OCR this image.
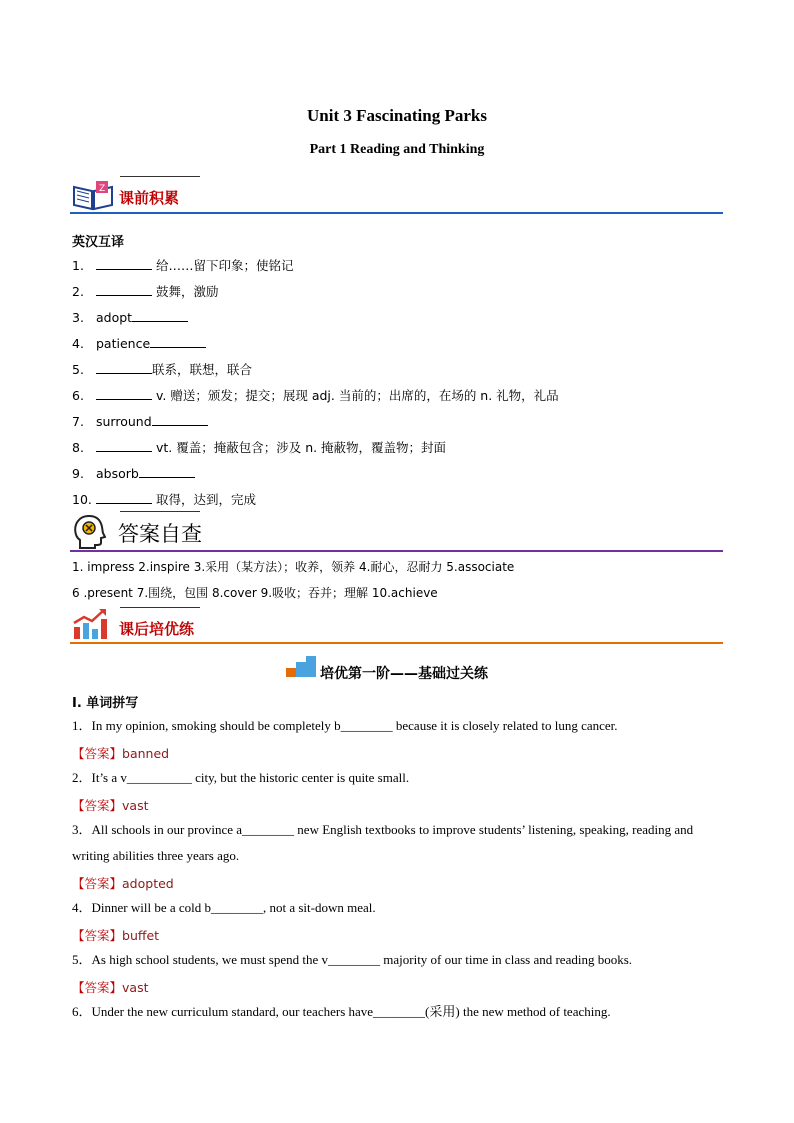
Unit 3 Fascinating Parks
Part 1 Reading and Thinking
Z 课前积累
英汉互译
1.	给……留下印象；使铭记
2.	鼓舞，激励
3. adopt
4. patience
5.	联系，联想，联合
6.	v. 赠送；颁发；提交；展现 adj. 当前的；出席的，在场的 n. 礼物，礼品
7. surround
8.	vt. 覆盖；掩蔽包含；涉及 n. 掩蔽物，覆盖物；封面
9. absorb
10.	取得，达到，完成
答案自查
1. impress 2.inspire 3.采用（某方法）；收养，领养 4.耐心，忍耐力 5.associate
6 .present 7.围绕，包围 8.cover 9.吸收；吞并；理解 10.achieve
课后培优练
培优第一阶——基础过关练
I. 单词拼写
1．In my opinion, smoking should be completely b________ because it is closely related to lung cancer.
【答案】banned
2．It’s a v__________ city, but the historic center is quite small.
【答案】vast
3．All schools in our province a________ new English textbooks to improve students’ listening, speaking, reading and writing abilities three years ago.
【答案】adopted
4．Dinner will be a cold b________, not a sit-down meal.
【答案】buffet
5．As high school students, we must spend the v________ majority of our time in class and reading books.
【答案】vast
6．Under the new curriculum standard, our teachers have________(采用) the new method of teaching.
